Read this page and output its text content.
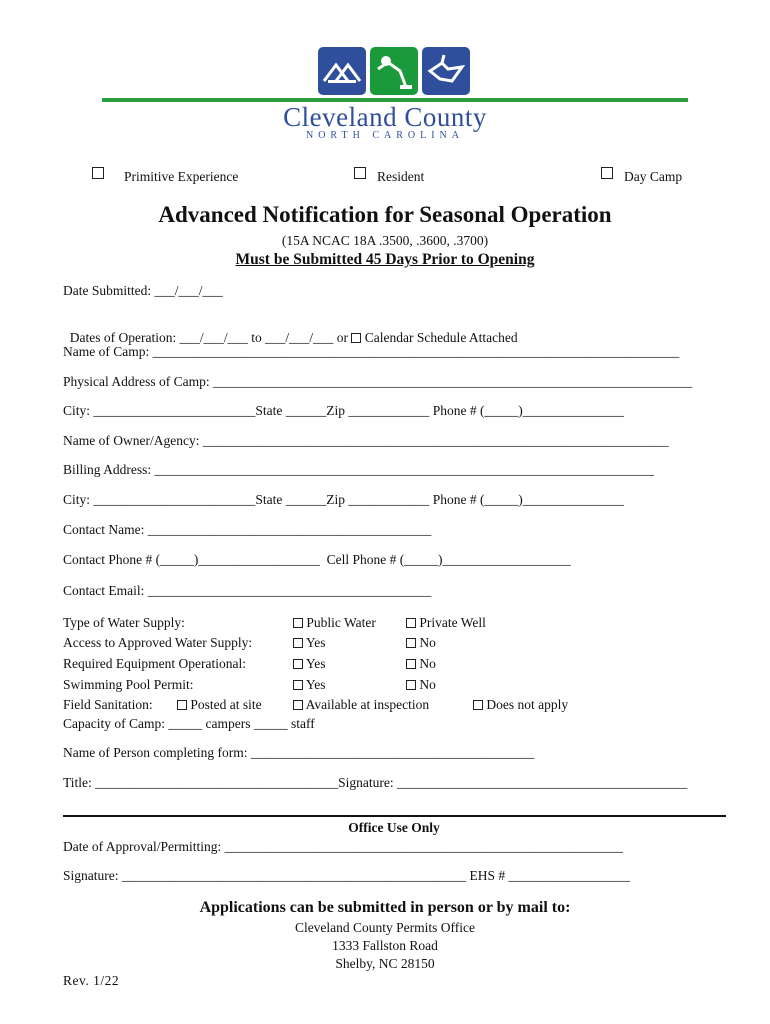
Cleveland County
NORTH CAROLINA
Primitive Experience	Resident	Day Camp
Advanced Notification for Seasonal Operation
(15A NCAC 18A .3500, .3600, .3700)
Must be Submitted 45 Days Prior to Opening
Date Submitted: ___/___/___

Dates of Operation: ___/___/___ to ___/___/___ or  Calendar Schedule Attached

Name of Camp: ______________________________________________________________________________
Physical Address of Camp: _______________________________________________________________________
City: ________________________State ______Zip ____________ Phone # (_____)_______________
Name of Owner/Agency: _____________________________________________________________________
Billing Address: __________________________________________________________________________
City: ________________________State ______Zip ____________ Phone # (_____)_______________
Contact Name: __________________________________________
Contact Phone # (_____)__________________  Cell Phone # (_____)___________________
Contact Email: __________________________________________
Type of Water Supply:	Public Water	Private Well
Access to Approved Water Supply:	Yes	No
Required Equipment Operational:	Yes	No
Swimming Pool Permit:	Yes	No
Field Sanitation:	Posted at site	Available at inspection	Does not apply
Capacity of Camp: _____ campers _____ staff
Name of Person completing form: __________________________________________
Title: ____________________________________Signature: ___________________________________________
Office Use Only
Date of Approval/Permitting: ___________________________________________________________
Signature: ___________________________________________________ EHS # __________________
Applications can be submitted in person or by mail to:
Cleveland County Permits Office
1333 Fallston Road
Shelby, NC 28150
Rev. 1/22
